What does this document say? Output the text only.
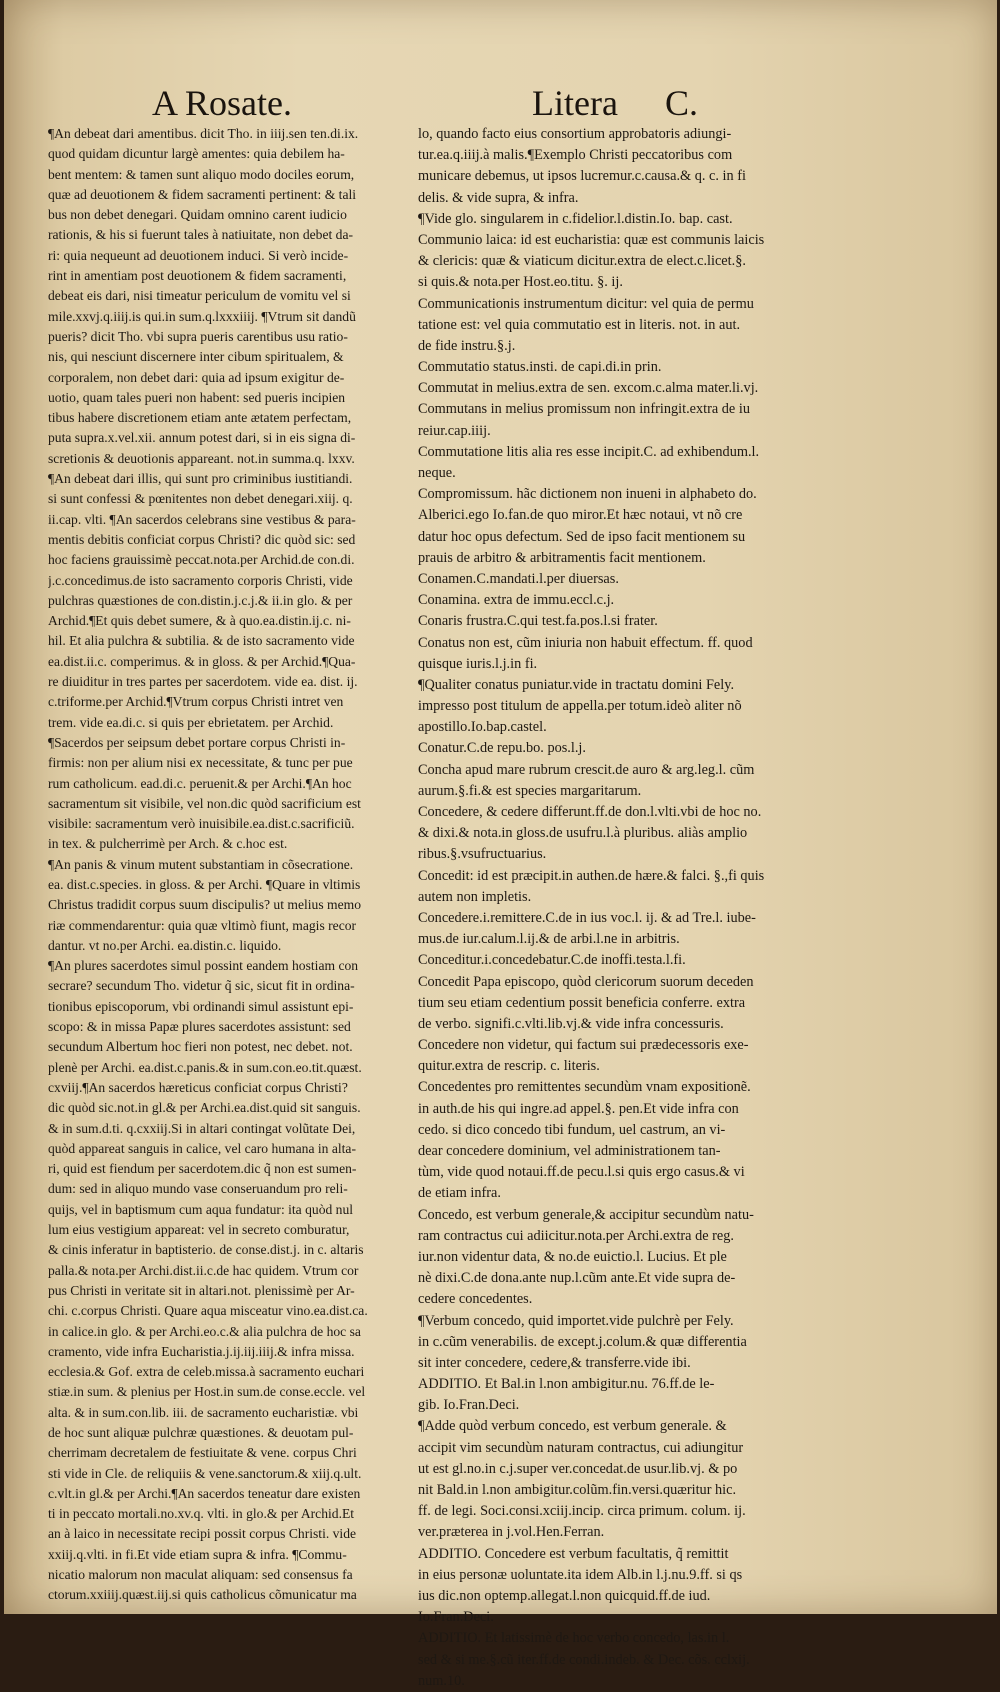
A Rosate.	Litera C.
¶An debeat dari amentibus. dicit Tho. in iiij.sen ten.di.ix.
quod quidam dicuntur largè amentes: quia debilem ha-
bent mentem: & tamen sunt aliquo modo dociles eorum,
quæ ad deuotionem & fidem sacramenti pertinent: & tali
bus non debet denegari. Quidam omnino carent iudicio
rationis, & his si fuerunt tales à natiuitate, non debet da-
ri: quia nequeunt ad deuotionem induci. Si verò incide-
rint in amentiam post deuotionem & fidem sacramenti,
debeat eis dari, nisi timeatur periculum de vomitu vel si
mile.xxvj.q.iiij.is qui.in sum.q.lxxxiiij. ¶Vtrum sit dandũ
pueris? dicit Tho. vbi supra pueris carentibus usu ratio-
nis, qui nesciunt discernere inter cibum spiritualem, &
corporalem, non debet dari: quia ad ipsum exigitur de-
uotio, quam tales pueri non habent: sed pueris incipien
tibus habere discretionem etiam ante ætatem perfectam,
puta supra.x.vel.xii. annum potest dari, si in eis signa di-
scretionis & deuotionis appareant. not.in summa.q. lxxv.
¶An debeat dari illis, qui sunt pro criminibus iustitiandi.
si sunt confessi & pœnitentes non debet denegari.xiij. q.
ii.cap. vlti. ¶An sacerdos celebrans sine vestibus & para-
mentis debitis conficiat corpus Christi? dic quòd sic: sed
hoc faciens grauissimè peccat.nota.per Archid.de con.di.
j.c.concedimus.de isto sacramento corporis Christi, vide
pulchras quæstiones de con.distin.j.c.j.& ii.in glo. & per
Archid.¶Et quis debet sumere, & à quo.ea.distin.ij.c. ni-
hil. Et alia pulchra & subtilia. & de isto sacramento vide
ea.dist.ii.c. comperimus. & in gloss. & per Archid.¶Qua-
re diuiditur in tres partes per sacerdotem. vide ea. dist. ij.
c.triforme.per Archid.¶Vtrum corpus Christi intret ven
trem. vide ea.di.c. si quis per ebrietatem. per Archid.
¶Sacerdos per seipsum debet portare corpus Christi in-
firmis: non per alium nisi ex necessitate, & tunc per pue
rum catholicum. ead.di.c. peruenit.& per Archi.¶An hoc
sacramentum sit visibile, vel non.dic quòd sacrificium est
visibile: sacramentum verò inuisibile.ea.dist.c.sacrificiũ.
in tex. & pulcherrimè per Arch. & c.hoc est.
¶An panis & vinum mutent substantiam in cõsecratione.
ea. dist.c.species. in gloss. & per Archi. ¶Quare in vltimis
Christus tradidit corpus suum discipulis? ut melius memo
riæ commendarentur: quia quæ vltimò fiunt, magis recor
dantur. vt no.per Archi. ea.distin.c. liquido.
¶An plures sacerdotes simul possint eandem hostiam con
secrare? secundum Tho. videtur q̃ sic, sicut fit in ordina-
tionibus episcoporum, vbi ordinandi simul assistunt epi-
scopo: & in missa Papæ plures sacerdotes assistunt: sed
secundum Albertum hoc fieri non potest, nec debet. not.
plenè per Archi. ea.dist.c.panis.& in sum.con.eo.tit.quæst.
cxviij.¶An sacerdos hæreticus conficiat corpus Christi?
dic quòd sic.not.in gl.& per Archi.ea.dist.quid sit sanguis.
& in sum.d.ti. q.cxxiij.Si in altari contingat volũtate Dei,
quòd appareat sanguis in calice, vel caro humana in alta-
ri, quid est fiendum per sacerdotem.dic q̃ non est sumen-
dum: sed in aliquo mundo vase conseruandum pro reli-
quijs, vel in baptismum cum aqua fundatur: ita quòd nul
lum eius vestigium appareat: vel in secreto comburatur,
& cinis inferatur in baptisterio. de conse.dist.j. in c. altaris
palla.& nota.per Archi.dist.ii.c.de hac quidem. Vtrum cor
pus Christi in veritate sit in altari.not. plenissimè per Ar-
chi. c.corpus Christi. Quare aqua misceatur vino.ea.dist.ca.
in calice.in glo. & per Archi.eo.c.& alia pulchra de hoc sa
cramento, vide infra Eucharistia.j.ij.iij.iiij.& infra missa.
ecclesia.& Gof. extra de celeb.missa.à sacramento euchari
stiæ.in sum. & plenius per Host.in sum.de conse.eccle. vel
alta. & in sum.con.lib. iii. de sacramento eucharistiæ. vbi
de hoc sunt aliquæ pulchræ quæstiones. & deuotam pul-
cherrimam decretalem de festiuitate & vene. corpus Chri
sti vide in Cle. de reliquiis & vene.sanctorum.& xiij.q.ult.
c.vlt.in gl.& per Archi.¶An sacerdos teneatur dare existen
ti in peccato mortali.no.xv.q. vlti. in glo.& per Archid.Et
an à laico in necessitate recipi possit corpus Christi. vide
xxiij.q.vlti. in fi.Et vide etiam supra & infra. ¶Commu-
nicatio malorum non maculat aliquam: sed consensus fa
ctorum.xxiiij.quæst.iij.si quis catholicus cõmunicatur ma
lo, quando facto eius consortium approbatoris adiungi-
tur.ea.q.iiij.à malis.¶Exemplo Christi peccatoribus com
municare debemus, ut ipsos lucremur.c.causa.& q. c. in fi
delis. & vide supra, & infra.
¶Vide glo. singularem in c.fidelior.l.distin.Io. bap. cast.
Communio laica: id est eucharistia: quæ est communis laicis
& clericis: quæ & viaticum dicitur.extra de elect.c.licet.§.
si quis.& nota.per Host.eo.titu. §. ij.
Communicationis instrumentum dicitur: vel quia de permu
tatione est: vel quia commutatio est in literis. not. in aut.
de fide instru.§.j.
Commutatio status.insti. de capi.di.in prin.
Commutat in melius.extra de sen. excom.c.alma mater.li.vj.
Commutans in melius promissum non infringit.extra de iu
reiur.cap.iiij.
Commutatione litis alia res esse incipit.C. ad exhibendum.l.
neque.
Compromissum. hãc dictionem non inueni in alphabeto do.
Alberici.ego Io.fan.de quo miror.Et hæc notaui, vt nõ cre
datur hoc opus defectum. Sed de ipso facit mentionem su
prauis de arbitro & arbitramentis facit mentionem.
Conamen.C.mandati.l.per diuersas.
Conamina. extra de immu.eccl.c.j.
Conaris frustra.C.qui test.fa.pos.l.si frater.
Conatus non est, cũm iniuria non habuit effectum. ff. quod
quisque iuris.l.j.in fi.
¶Qualiter conatus puniatur.vide in tractatu domini Fely.
impresso post titulum de appella.per totum.ideò aliter nõ
apostillo.Io.bap.castel.
Conatur.C.de repu.bo. pos.l.j.
Concha apud mare rubrum crescit.de auro & arg.leg.l. cũm
aurum.§.fi.& est species margaritarum.
Concedere, & cedere differunt.ff.de don.l.vlti.vbi de hoc no.
& dixi.& nota.in gloss.de usufru.l.à pluribus. aliàs amplio
ribus.§.vsufructuarius.
Concedit: id est præcipit.in authen.de hære.& falci. §.,fi quis
autem non impletis.
Concedere.i.remittere.C.de in ius voc.l. ij. & ad Tre.l. iube-
mus.de iur.calum.l.ij.& de arbi.l.ne in arbitris.
Conceditur.i.concedebatur.C.de inoffi.testa.l.fi.
Concedit Papa episcopo, quòd clericorum suorum deceden
tium seu etiam cedentium possit beneficia conferre. extra
de verbo. signifi.c.vlti.lib.vj.& vide infra concessuris.
Concedere non videtur, qui factum sui prædecessoris exe-
quitur.extra de rescrip. c. literis.
Concedentes pro remittentes secundùm vnam expositionẽ.
in auth.de his qui ingre.ad appel.§. pen.Et vide infra con
cedo. si dico concedo tibi fundum, uel castrum, an vi-
dear concedere dominium, vel administrationem tan-
tùm, vide quod notaui.ff.de pecu.l.si quis ergo casus.& vi
de etiam infra.
Concedo, est verbum generale,& accipitur secundùm natu-
ram contractus cui adiicitur.nota.per Archi.extra de reg.
iur.non videntur data, & no.de euictio.l. Lucius. Et ple
nè dixi.C.de dona.ante nup.l.cũm ante.Et vide supra de-
cedere concedentes.
¶Verbum concedo, quid importet.vide pulchrè per Fely.
in c.cũm venerabilis. de except.j.colum.& quæ differentia
sit inter concedere, cedere,& transferre.vide ibi.
ADDITIO. Et Bal.in l.non ambigitur.nu. 76.ff.de le-
gib. Io.Fran.Deci.
¶Adde quòd verbum concedo, est verbum generale. &
accipit vim secundùm naturam contractus, cui adiungitur
ut est gl.no.in c.j.super ver.concedat.de usur.lib.vj. & po
nit Bald.in l.non ambigitur.colũm.fin.versi.quæritur hic.
ff. de legi. Soci.consi.xciij.incip. circa primum. colum. ij.
ver.præterea in j.vol.Hen.Ferran.
ADDITIO. Concedere est verbum facultatis, q̃ remittit
in eius personæ uoluntate.ita idem Alb.in l.j.nu.9.ff. si qs
ius dic.non optemp.allegat.l.non quicquid.ff.de iud.
Io.Fran.Deci.
ADDITIO. Et latissimè de hoc verbo concedo, las.in l.
sed & si me.§.cũ iter.ff.de condi.indeb. & Dec. cõs. cclxij.
num.10.
